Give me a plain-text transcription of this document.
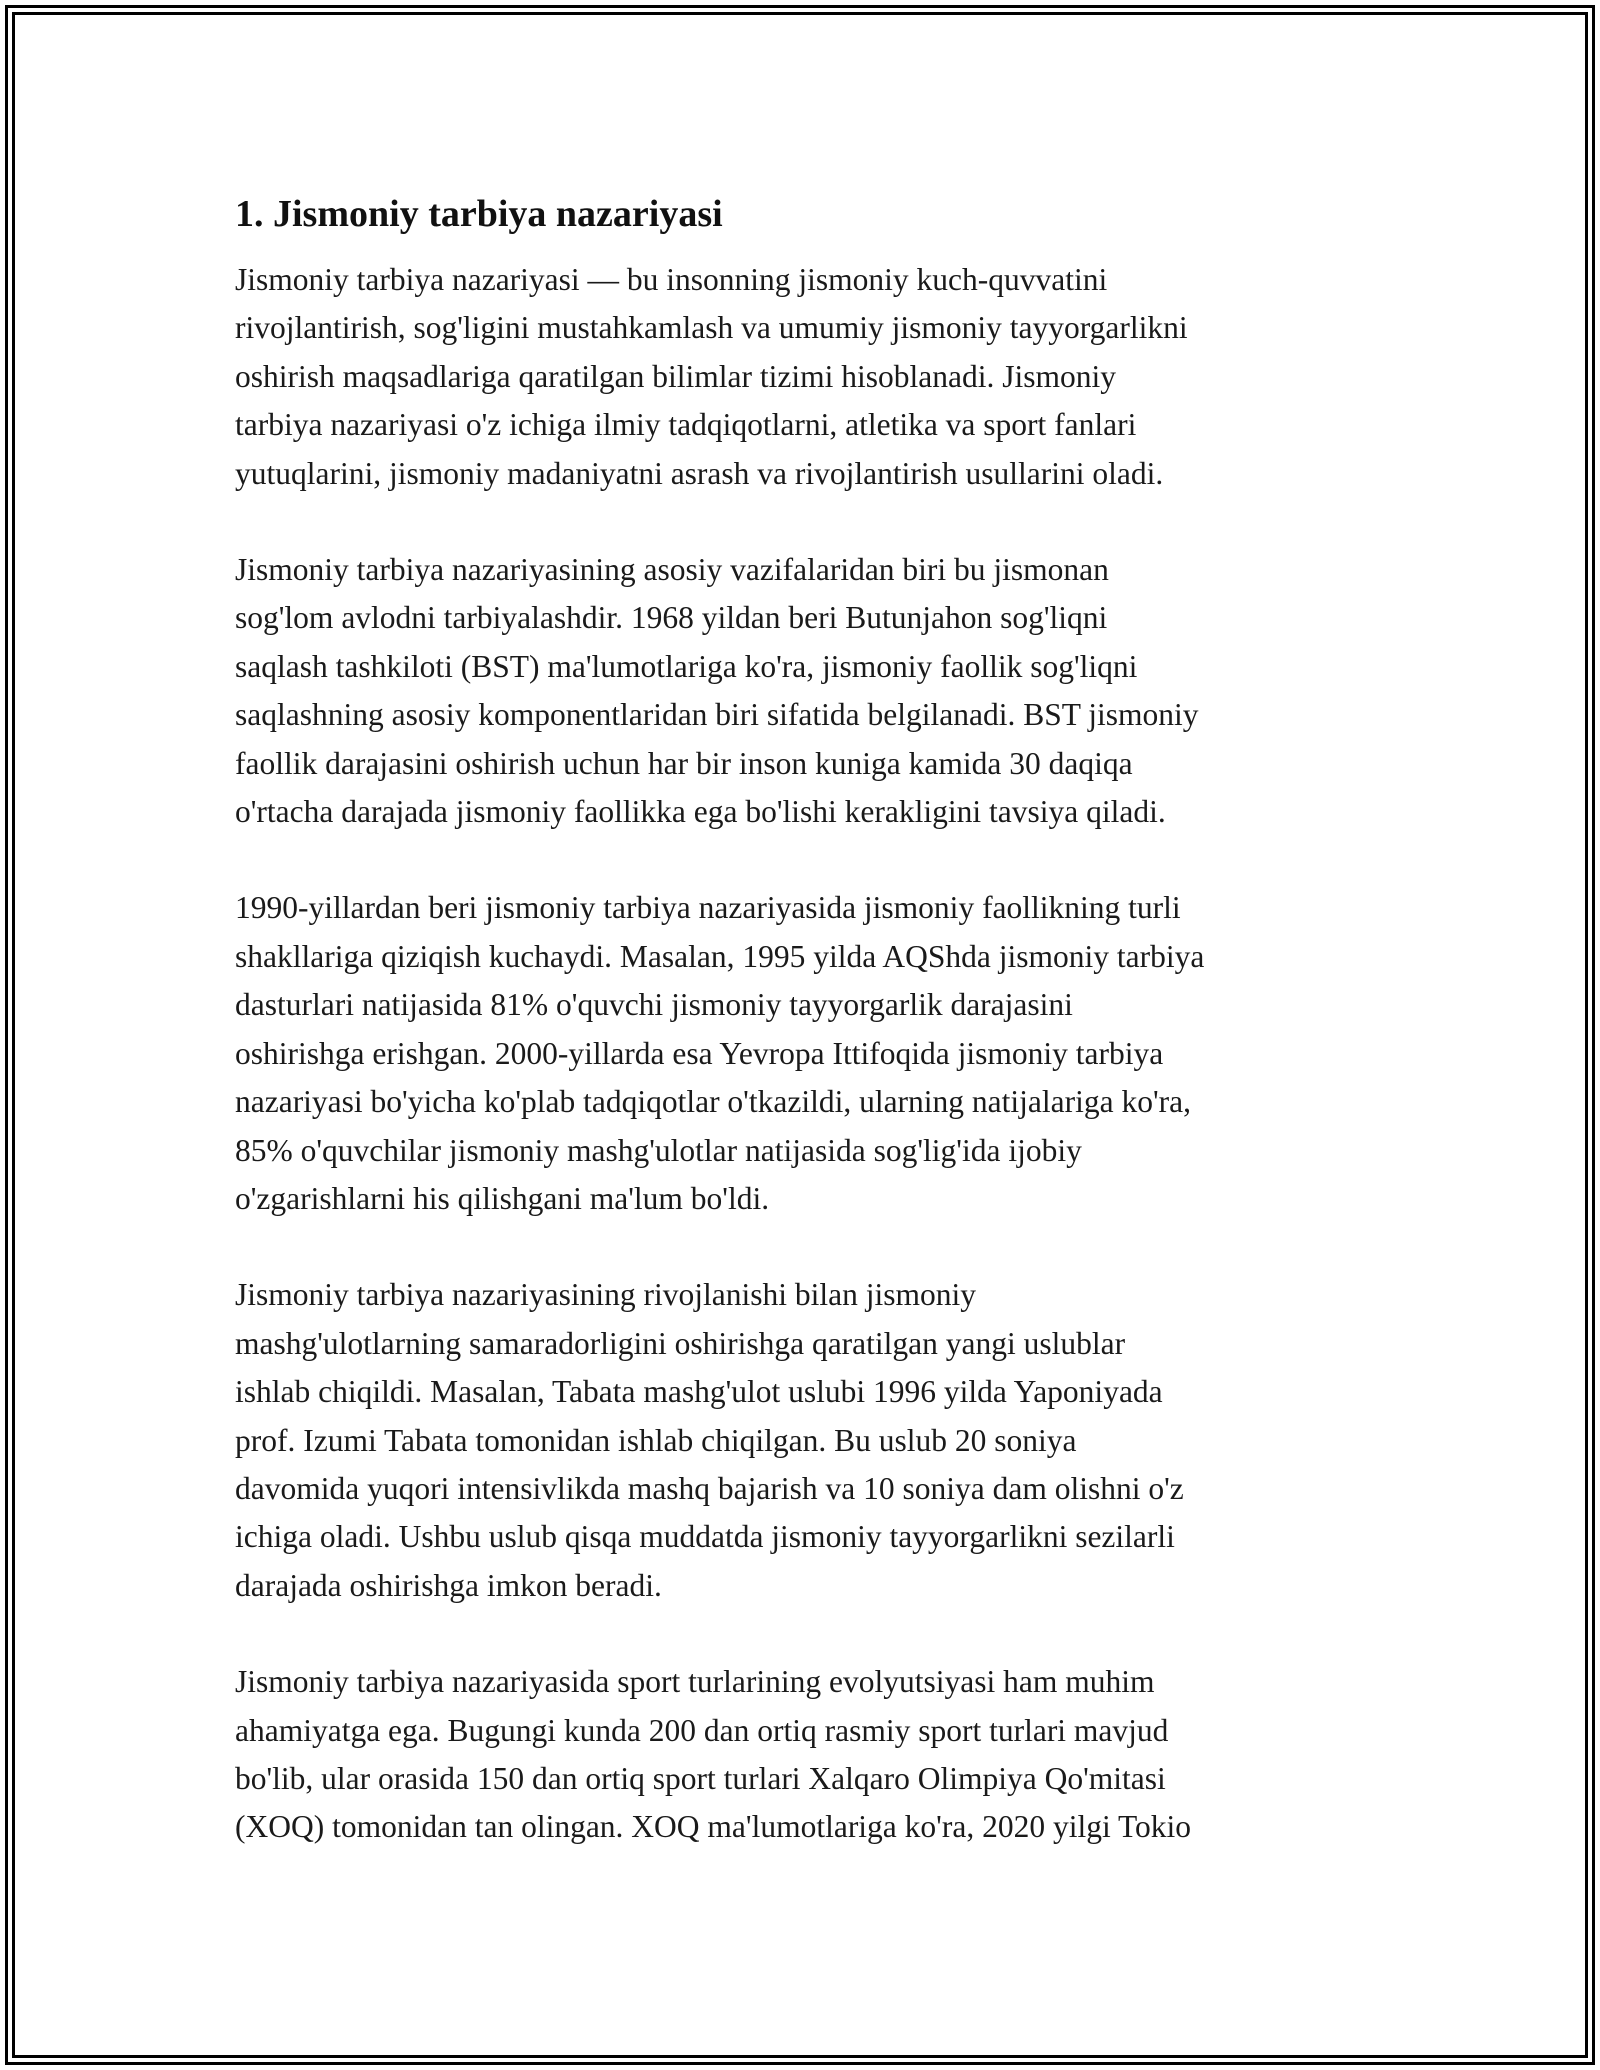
1. Jismoniy tarbiya nazariyasi

Jismoniy tarbiya nazariyasi — bu insonning jismoniy kuch-quvvatini
rivojlantirish, sog'ligini mustahkamlash va umumiy jismoniy tayyorgarlikni
oshirish maqsadlariga qaratilgan bilimlar tizimi hisoblanadi. Jismoniy
tarbiya nazariyasi o'z ichiga ilmiy tadqiqotlarni, atletika va sport fanlari
yutuqlarini, jismoniy madaniyatni asrash va rivojlantirish usullarini oladi.

Jismoniy tarbiya nazariyasining asosiy vazifalaridan biri bu jismonan
sog'lom avlodni tarbiyalashdir. 1968 yildan beri Butunjahon sog'liqni
saqlash tashkiloti (BST) ma'lumotlariga ko'ra, jismoniy faollik sog'liqni
saqlashning asosiy komponentlaridan biri sifatida belgilanadi. BST jismoniy
faollik darajasini oshirish uchun har bir inson kuniga kamida 30 daqiqa
o'rtacha darajada jismoniy faollikka ega bo'lishi kerakligini tavsiya qiladi.

1990-yillardan beri jismoniy tarbiya nazariyasida jismoniy faollikning turli
shakllariga qiziqish kuchaydi. Masalan, 1995 yilda AQShda jismoniy tarbiya
dasturlari natijasida 81% o'quvchi jismoniy tayyorgarlik darajasini
oshirishga erishgan. 2000-yillarda esa Yevropa Ittifoqida jismoniy tarbiya
nazariyasi bo'yicha ko'plab tadqiqotlar o'tkazildi, ularning natijalariga ko'ra,
85% o'quvchilar jismoniy mashg'ulotlar natijasida sog'lig'ida ijobiy
o'zgarishlarni his qilishgani ma'lum bo'ldi.

Jismoniy tarbiya nazariyasining rivojlanishi bilan jismoniy
mashg'ulotlarning samaradorligini oshirishga qaratilgan yangi uslublar
ishlab chiqildi. Masalan, Tabata mashg'ulot uslubi 1996 yilda Yaponiyada
prof. Izumi Tabata tomonidan ishlab chiqilgan. Bu uslub 20 soniya
davomida yuqori intensivlikda mashq bajarish va 10 soniya dam olishni o'z
ichiga oladi. Ushbu uslub qisqa muddatda jismoniy tayyorgarlikni sezilarli
darajada oshirishga imkon beradi.

Jismoniy tarbiya nazariyasida sport turlarining evolyutsiyasi ham muhim
ahamiyatga ega. Bugungi kunda 200 dan ortiq rasmiy sport turlari mavjud
bo'lib, ular orasida 150 dan ortiq sport turlari Xalqaro Olimpiya Qo'mitasi
(XOQ) tomonidan tan olingan. XOQ ma'lumotlariga ko'ra, 2020 yilgi Tokio
